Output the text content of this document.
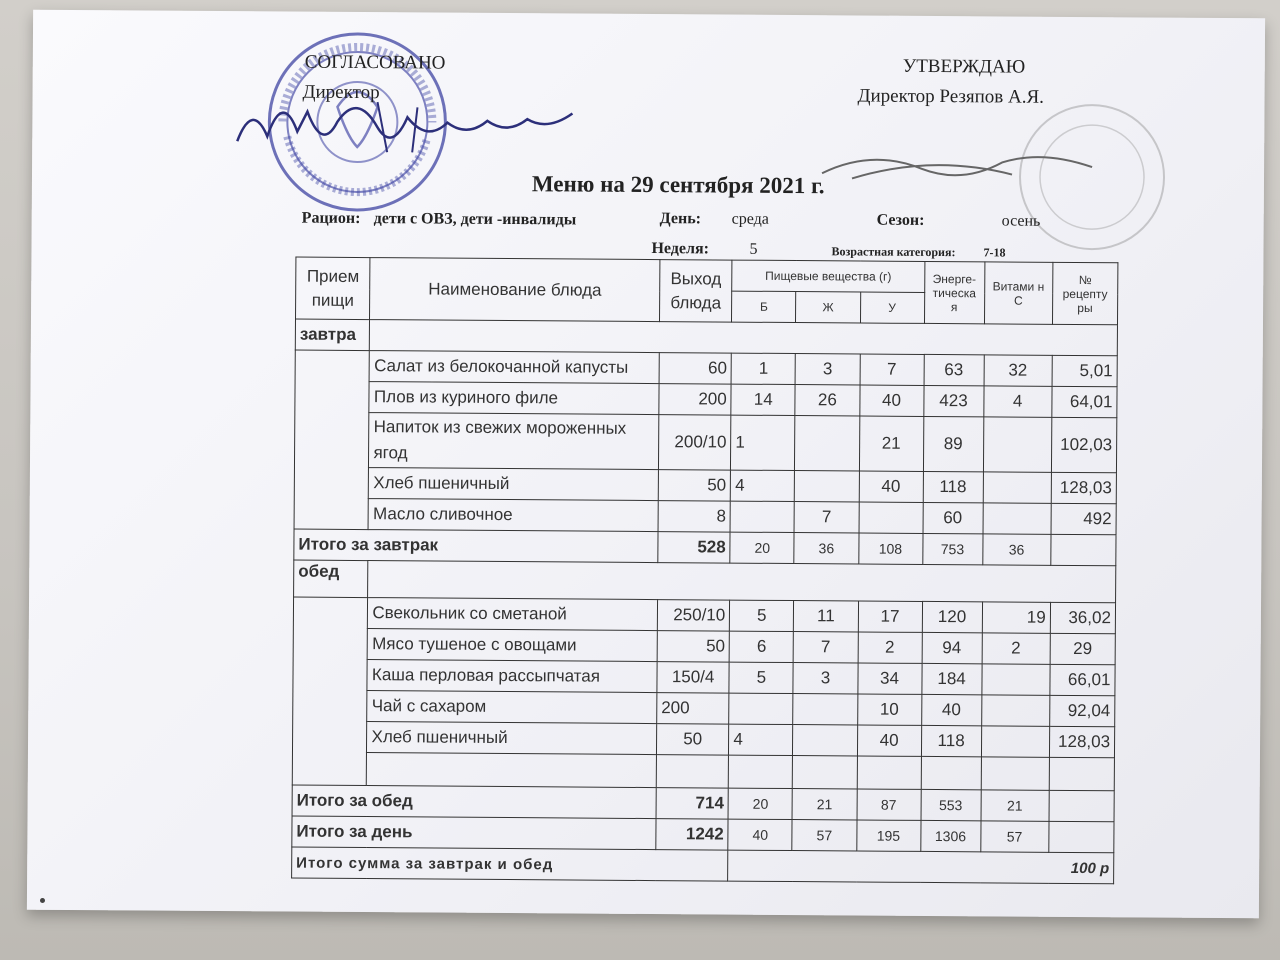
СОГЛАСОВАНО
Директор
УТВЕРЖДАЮ
Директор Резяпов А.Я.
Меню на 29 сентября 2021 г.
Рацион: дети с ОВЗ, дети -инвалиды	День: среда	Сезон:	осень
Неделя:	5	Возрастная категория: 7-18
Прием пищи	Наименование блюда	Выход блюда	Пищевые вещества (г)			Энерге-тическа я	Витами н С	№ рецепту ры
			Б	Ж	У			
завтра								
	Салат из белокочанной капусты	60	1	3	7	63	32	5,01
	Плов из куриного филе	200	14	26	40	423	4	64,01
	Напиток из свежих мороженных ягод	200/10	1		21	89		102,03
	Хлеб пшеничный	50	4		40	118		128,03
	Масло сливочное	8		7		60		492
Итого за завтрак		528	20	36	108	753	36	
обед								
	Свекольник со сметаной	250/10	5	11	17	120	19	36,02
	Мясо тушеное с овощами	50	6	7	2	94	2	29
	Каша перловая рассыпчатая	150/4	5	3	34	184		66,01
	Чай с сахаром	200			10	40		92,04
	Хлеб пшеничный	50	4		40	118		128,03

Итого за обед		714	20	21	87	553	21	
Итого за день		1242	40	57	195	1306	57	
Итого сумма за завтрак и обед			100 р					
